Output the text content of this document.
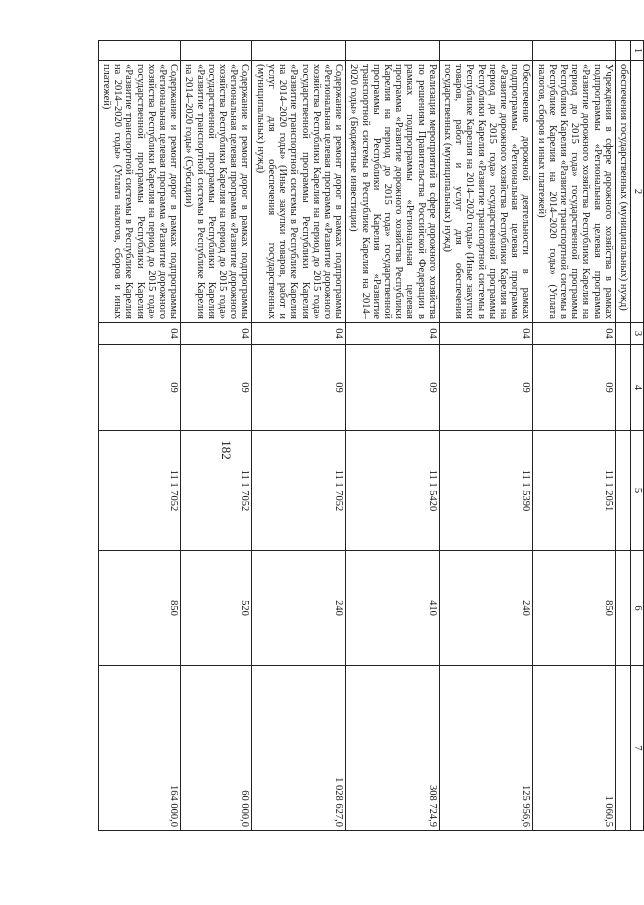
182
1	2	3	4	5	6	7
	обеспечения государственных (муниципальных) нужд)					
	Учреждения в сфере дорожного хозяйства в рамках подпрограммы «Региональная целевая программа «Развитие дорожного хозяйства Республики Карелия на период до 2015 года» государственной программы Республики Карелия «Развитие транспортной системы в Республике Карелия на 2014–2020 годы» (Уплата налогов, сборов и иных платежей)	04	09	11 1 2051	850	1 060,5
	Обеспечение дорожной деятельности в рамках подпрограммы «Региональная целевая программа «Развитие дорожного хозяйства Республики Карелия на период до 2015 года» государственной программы Республики Карелия «Развитие транспортной системы в Республике Карелия на 2014–2020 годы» (Иные закупки товаров, работ и услуг для обеспечения государственных (муниципальных) нужд)	04	09	11 1 5390	240	125 956,6
	Реализация мероприятий в сфере дорожного хозяйства по решениям Правительства Российской Федерации в рамках подпрограммы «Региональная целевая программа «Развитие дорожного хозяйства Республики Карелия на период до 2015 года» государственной программы Республики Карелия «Развитие транспортной системы в Республике Карелия на 2014–2020 годы» (Бюджетные инвестиции)	04	09	11 1 5420	410	308 724,9
	Содержание и ремонт дорог в рамках подпрограммы «Региональная целевая программа «Развитие дорожного хозяйства Республики Карелия на период до 2015 года» государственной программы Республики Карелия «Развитие транспортной системы в Республике Карелия на 2014–2020 годы» (Иные закупки товаров, работ и услуг для обеспечения государственных (муниципальных) нужд)	04	09	11 1 7052	240	1 028 627,0
	Содержание и ремонт дорог в рамках подпрограммы «Региональная целевая программа «Развитие дорожного хозяйства Республики Карелия на период до 2015 года» государственной программы Республики Карелия «Развитие транспортной системы в Республике Карелия на 2014–2020 годы» (Субсидии)	04	09	11 1 7052	520	60 000,0
	Содержание и ремонт дорог в рамках подпрограммы «Региональная целевая программа «Развитие дорожного хозяйства Республики Карелия на период до 2015 года» государственной программы Республики Карелия «Развитие транспортной системы в Республике Карелия на 2014–2020 годы» (Уплата налогов, сборов и иных платежей)	04	09	11 1 7052	850	164 000,0
